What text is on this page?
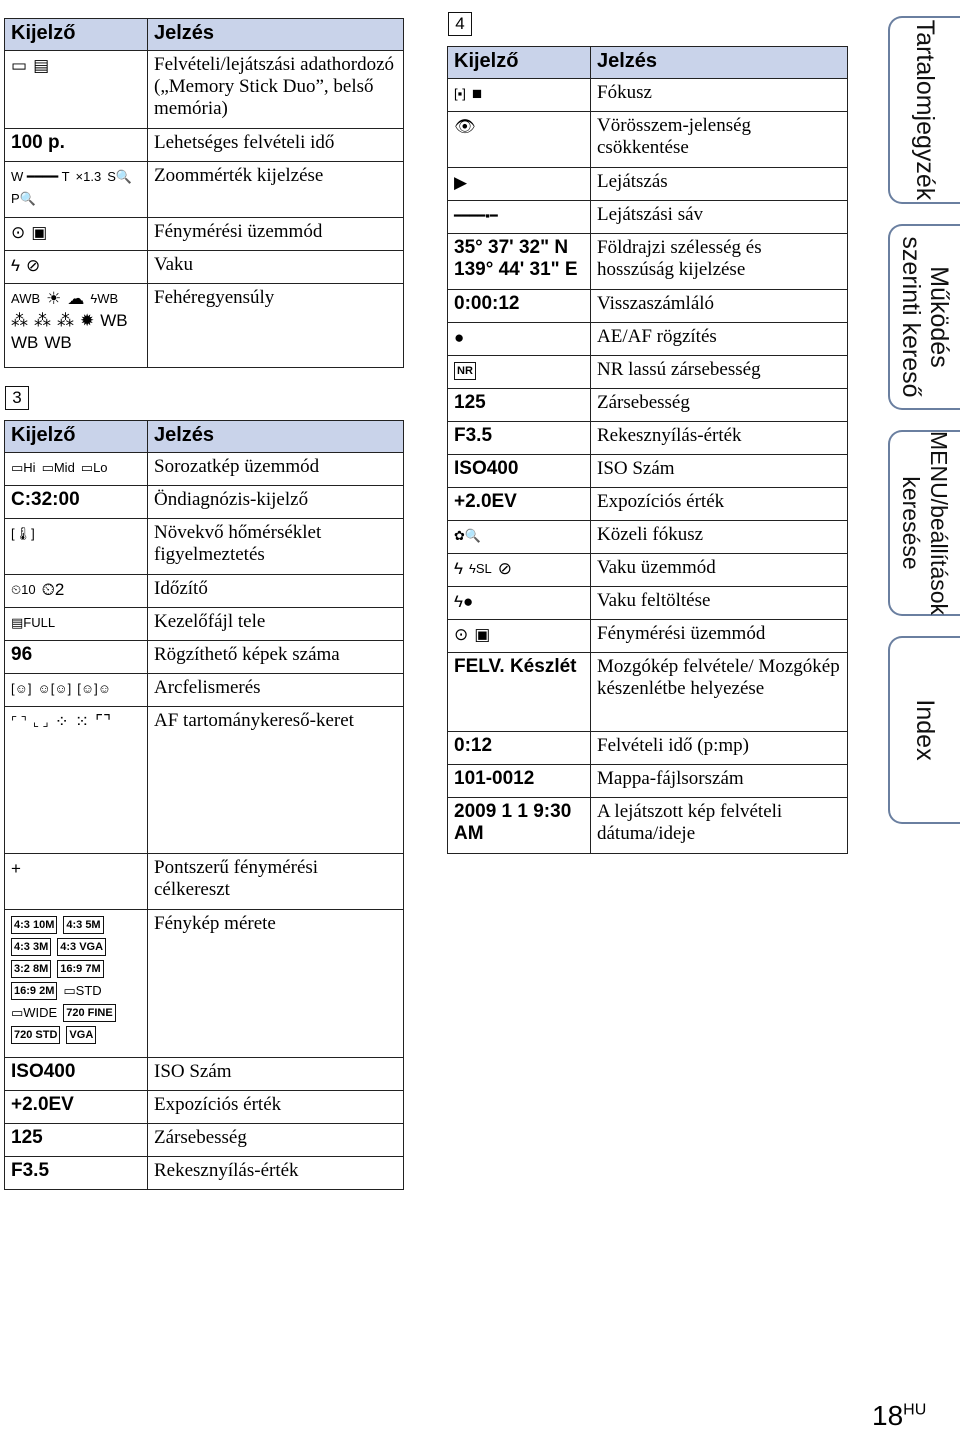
Kijelző	Jelzés
▭ ▤	Felvételi/lejátszási adathordozó („Memory Stick Duo”, belső memória)
100 p.	Lehetséges felvételi idő
W ━━━━ T ×1.3 S🔍P🔍	Zoommérték kijelzése
⊙ ▣	Fénymérési üzemmód
ϟ ⊘	Vaku
AWB ☀ ☁ ϟWB⁂ ⁂ ⁂ ✹ WBWB WB	Fehéregyensúly
3
Kijelző	Jelzés
▭Hi ▭Mid ▭Lo	Sorozatkép üzemmód
C:32:00	Öndiagnózis-kijelző
[🌡]	Növekvő hőmérséklet figyelmeztetés
⏲10 ⏲2	Időzítő
▤FULL	Kezelőfájl tele
96	Rögzíthető képek száma
[☺] ☺[☺] [☺]☺	Arcfelismerés
⌜ ⌝ ⌞ ⌟ ⁘ ⁙ ⌜⌝	AF tartománykereső-keret
+	Pontszerű fénymérési célkereszt
4:3 10M 4:3 5M4:3 3M 4:3 VGA3:2 8M 16:9 7M16:9 2M ▭STD▭WIDE 720 FINE720 STD VGA	Fénykép mérete
ISO400	ISO Szám
+2.0EV	Expozíciós érték
125	Zársebesség
F3.5	Rekesznyílás-érték
4
Kijelző	Jelzés
[▪] ■	Fókusz
👁	Vörösszem-jelenség csökkentése
▶	Lejátszás
━━━━▪━	Lejátszási sáv
35° 37' 32" N 139° 44' 31" E	Földrajzi szélesség és hosszúság kijelzése
0:00:12	Visszaszámláló
●	AE/AF rögzítés
NR	NR lassú zársebesség
125	Zársebesség
F3.5	Rekesznyílás-érték
ISO400	ISO Szám
+2.0EV	Expozíciós érték
✿🔍	Közeli fókusz
ϟ ϟSL ⊘	Vaku üzemmód
ϟ●	Vaku feltöltése
⊙ ▣	Fénymérési üzemmód
FELV. Készlét	Mozgókép felvétele/ Mozgókép készenlétbe helyezése
0:12	Felvételi idő (p:mp)
101-0012	Mappa-fájlsorszám
2009 1 1 9:30 AM	A lejátszott kép felvételi dátuma/ideje
Tartalomjegyzék
Működés
szerinti kereső
MENU/beállítások
keresése
Index
$18^{HU}$
